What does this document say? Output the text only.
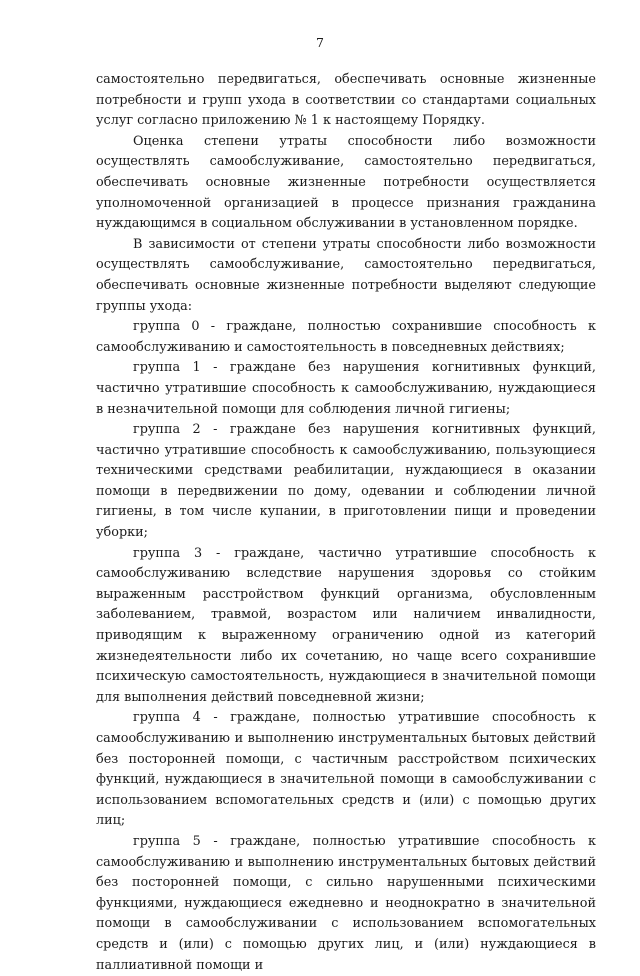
7

самостоятельно передвигаться, обеспечивать основные жизненные потребности и групп ухода в соответствии со стандартами социальных услуг согласно приложению № 1 к настоящему Порядку.

Оценка степени утраты способности либо возможности осуществлять самообслуживание, самостоятельно передвигаться, обеспечивать основные жизненные потребности осуществляется уполномоченной организацией в процессе признания гражданина нуждающимся в социальном обслуживании в установленном порядке.

В зависимости от степени утраты способности либо возможности осуществлять самообслуживание, самостоятельно передвигаться, обеспечивать основные жизненные потребности выделяют следующие группы ухода:

группа 0 - граждане, полностью сохранившие способность к самообслуживанию и самостоятельность в повседневных действиях;

группа 1 - граждане без нарушения когнитивных функций, частично утратившие способность к самообслуживанию, нуждающиеся в незначительной помощи для соблюдения личной гигиены;

группа 2 - граждане без нарушения когнитивных функций, частично утратившие способность к самообслуживанию, пользующиеся техническими средствами реабилитации, нуждающиеся в оказании помощи в передвижении по дому, одевании и соблюдении личной гигиены, в том числе купании, в приготовлении пищи и проведении уборки;

группа 3 - граждане, частично утратившие способность к самообслуживанию вследствие нарушения здоровья со стойким выраженным расстройством функций организма, обусловленным заболеванием, травмой, возрастом или наличием инвалидности, приводящим к выраженному ограничению одной из категорий жизнедеятельности либо их сочетанию, но чаще всего сохранившие психическую самостоятельность, нуждающиеся в значительной помощи для выполнения действий повседневной жизни;

группа 4 - граждане, полностью утратившие способность к самообслуживанию и выполнению инструментальных бытовых действий без посторонней помощи, с частичным расстройством психических функций, нуждающиеся в значительной помощи в самообслуживании с использованием вспомогательных средств и (или) с помощью других лиц;

группа 5 - граждане, полностью утратившие способность к самообслуживанию и выполнению инструментальных бытовых действий без посторонней помощи, с сильно нарушенными психическими функциями, нуждающиеся ежедневно и неоднократно в значительной помощи в самообслуживании с использованием вспомогательных средств и (или) с помощью других лиц, и (или) нуждающиеся в паллиативной помощи и
